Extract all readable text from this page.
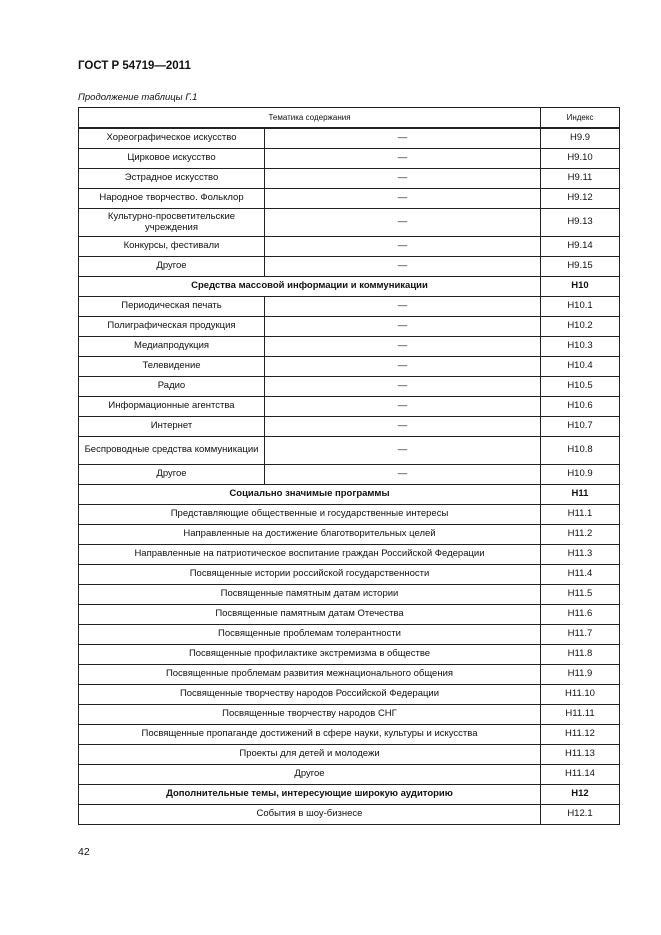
ГОСТ Р 54719—2011
Продолжение таблицы Г.1
Тематика содержания		Индекс
Хореографическое искусство	—	H9.9
Цирковое искусство	—	H9.10
Эстрадное искусство	—	H9.11
Народное творчество. Фольклор	—	H9.12
Культурно-просветительские учреждения	—	H9.13
Конкурсы, фестивали	—	H9.14
Другое	—	H9.15
Средства массовой информации и коммуникации		H10
Периодическая печать	—	H10.1
Полиграфическая продукция	—	H10.2
Медиапродукция	—	H10.3
Телевидение	—	H10.4
Радио	—	H10.5
Информационные агентства	—	H10.6
Интернет	—	H10.7
Беспроводные средства коммуникации	—	H10.8
Другое	—	H10.9
Социально значимые программы		H11
Представляющие общественные и государственные интересы		H11.1
Направленные на достижение благотворительных целей		H11.2
Направленные на патриотическое воспитание граждан Российской Федерации		H11.3
Посвященные истории российской государственности		H11.4
Посвященные памятным датам истории		H11.5
Посвященные памятным датам Отечества		H11.6
Посвященные проблемам толерантности		H11.7
Посвященные профилактике экстремизма в обществе		H11.8
Посвященные проблемам развития межнационального общения		H11.9
Посвященные творчеству народов Российской Федерации		H11.10
Посвященные творчеству народов СНГ		H11.11
Посвященные пропаганде достижений в сфере науки, культуры и искусства		H11.12
Проекты для детей и молодежи		H11.13
Другое		H11.14
Дополнительные темы, интересующие широкую аудиторию		H12
События в шоу-бизнесе		H12.1
42
